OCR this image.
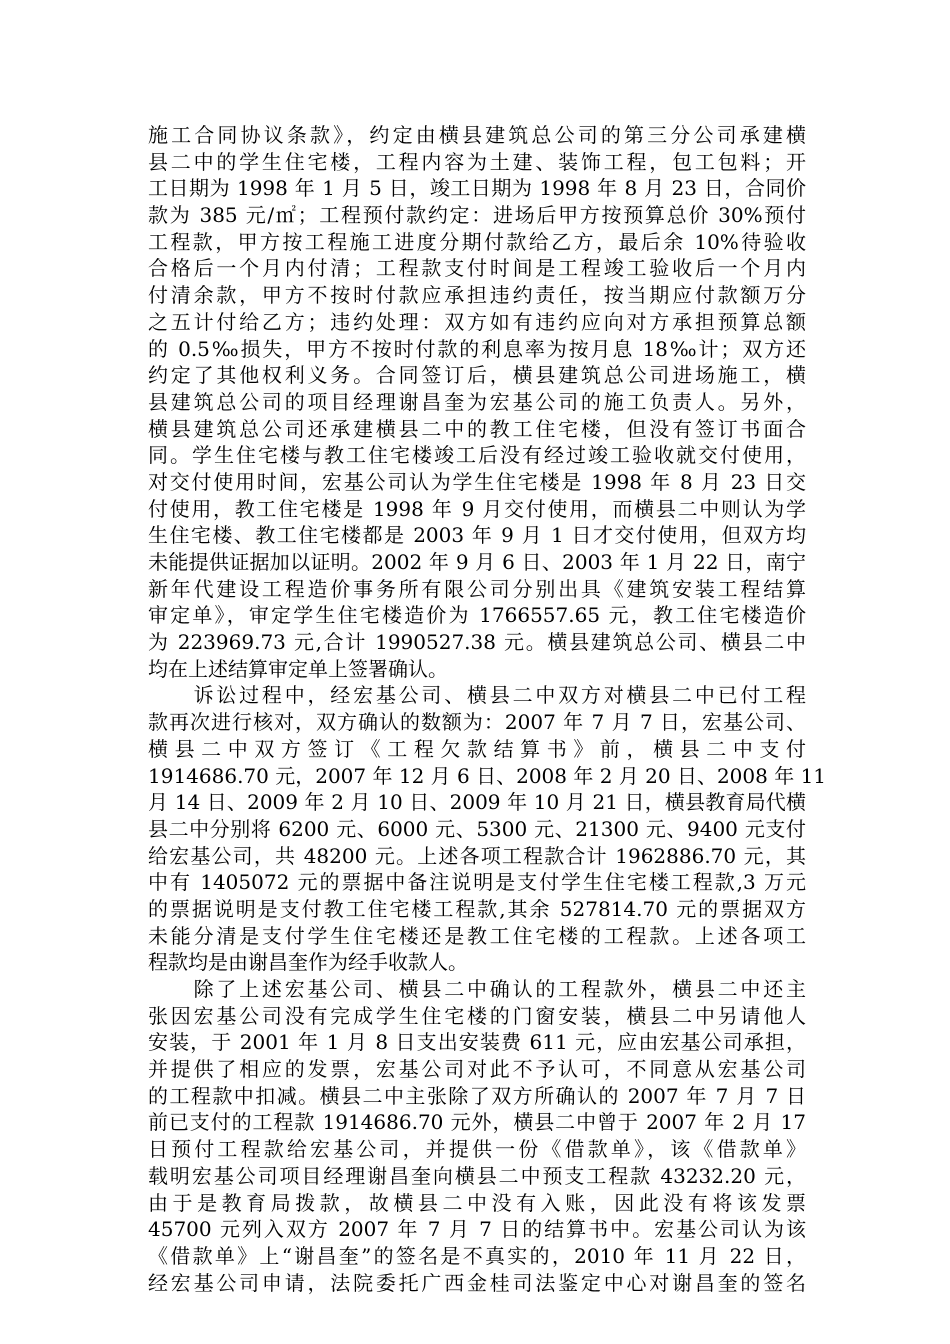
施工合同协议条款》，约定由横县建筑总公司的第三分公司承建横
县二中的学生住宅楼，工程内容为土建、装饰工程，包工包料；开
工日期为 1998 年 1 月 5 日，竣工日期为 1998 年 8 月 23 日，合同价
款为 385 元/㎡；工程预付款约定：进场后甲方按预算总价 30%预付
工程款，甲方按工程施工进度分期付款给乙方，最后余 10%待验收
合格后一个月内付清；工程款支付时间是工程竣工验收后一个月内
付清余款，甲方不按时付款应承担违约责任，按当期应付款额万分
之五计付给乙方；违约处理：双方如有违约应向对方承担预算总额
的 0.5‰损失，甲方不按时付款的利息率为按月息 18‰计；双方还
约定了其他权利义务。合同签订后，横县建筑总公司进场施工，横
县建筑总公司的项目经理谢昌奎为宏基公司的施工负责人。另外，
横县建筑总公司还承建横县二中的教工住宅楼，但没有签订书面合
同。学生住宅楼与教工住宅楼竣工后没有经过竣工验收就交付使用，
对交付使用时间，宏基公司认为学生住宅楼是 1998 年 8 月 23 日交
付使用，教工住宅楼是 1998 年 9 月交付使用，而横县二中则认为学
生住宅楼、教工住宅楼都是 2003 年 9 月 1 日才交付使用，但双方均
未能提供证据加以证明。2002 年 9 月 6 日、2003 年 1 月 22 日，南宁
新年代建设工程造价事务所有限公司分别出具《建筑安装工程结算
审定单》，审定学生住宅楼造价为 1766557.65 元，教工住宅楼造价
为 223969.73 元,合计 1990527.38 元。横县建筑总公司、横县二中
均在上述结算审定单上签署确认。
　　诉讼过程中，经宏基公司、横县二中双方对横县二中已付工程
款再次进行核对，双方确认的数额为：2007 年 7 月 7 日，宏基公司、
横县二中双方签订《工程欠款结算书》前，横县二中支付
1914686.70 元，2007 年 12 月 6 日、2008 年 2 月 20 日、2008 年 11
月 14 日、2009 年 2 月 10 日、2009 年 10 月 21 日，横县教育局代横
县二中分别将 6200 元、6000 元、5300 元、21300 元、9400 元支付
给宏基公司，共 48200 元。上述各项工程款合计 1962886.70 元，其
中有 1405072 元的票据中备注说明是支付学生住宅楼工程款,3 万元
的票据说明是支付教工住宅楼工程款,其余 527814.70 元的票据双方
未能分清是支付学生住宅楼还是教工住宅楼的工程款。上述各项工
程款均是由谢昌奎作为经手收款人。
　　除了上述宏基公司、横县二中确认的工程款外，横县二中还主
张因宏基公司没有完成学生住宅楼的门窗安装，横县二中另请他人
安装，于 2001 年 1 月 8 日支出安装费 611 元，应由宏基公司承担，
并提供了相应的发票，宏基公司对此不予认可，不同意从宏基公司
的工程款中扣减。横县二中主张除了双方所确认的 2007 年 7 月 7 日
前已支付的工程款 1914686.70 元外，横县二中曾于 2007 年 2 月 17
日预付工程款给宏基公司，并提供一份《借款单》，该《借款单》
载明宏基公司项目经理谢昌奎向横县二中预支工程款 43232.20 元，
由于是教育局拨款，故横县二中没有入账，因此没有将该发票
45700 元列入双方 2007 年 7 月 7 日的结算书中。宏基公司认为该
《借款单》上“谢昌奎”的签名是不真实的，2010 年 11 月 22 日，
经宏基公司申请，法院委托广西金桂司法鉴定中心对谢昌奎的签名
